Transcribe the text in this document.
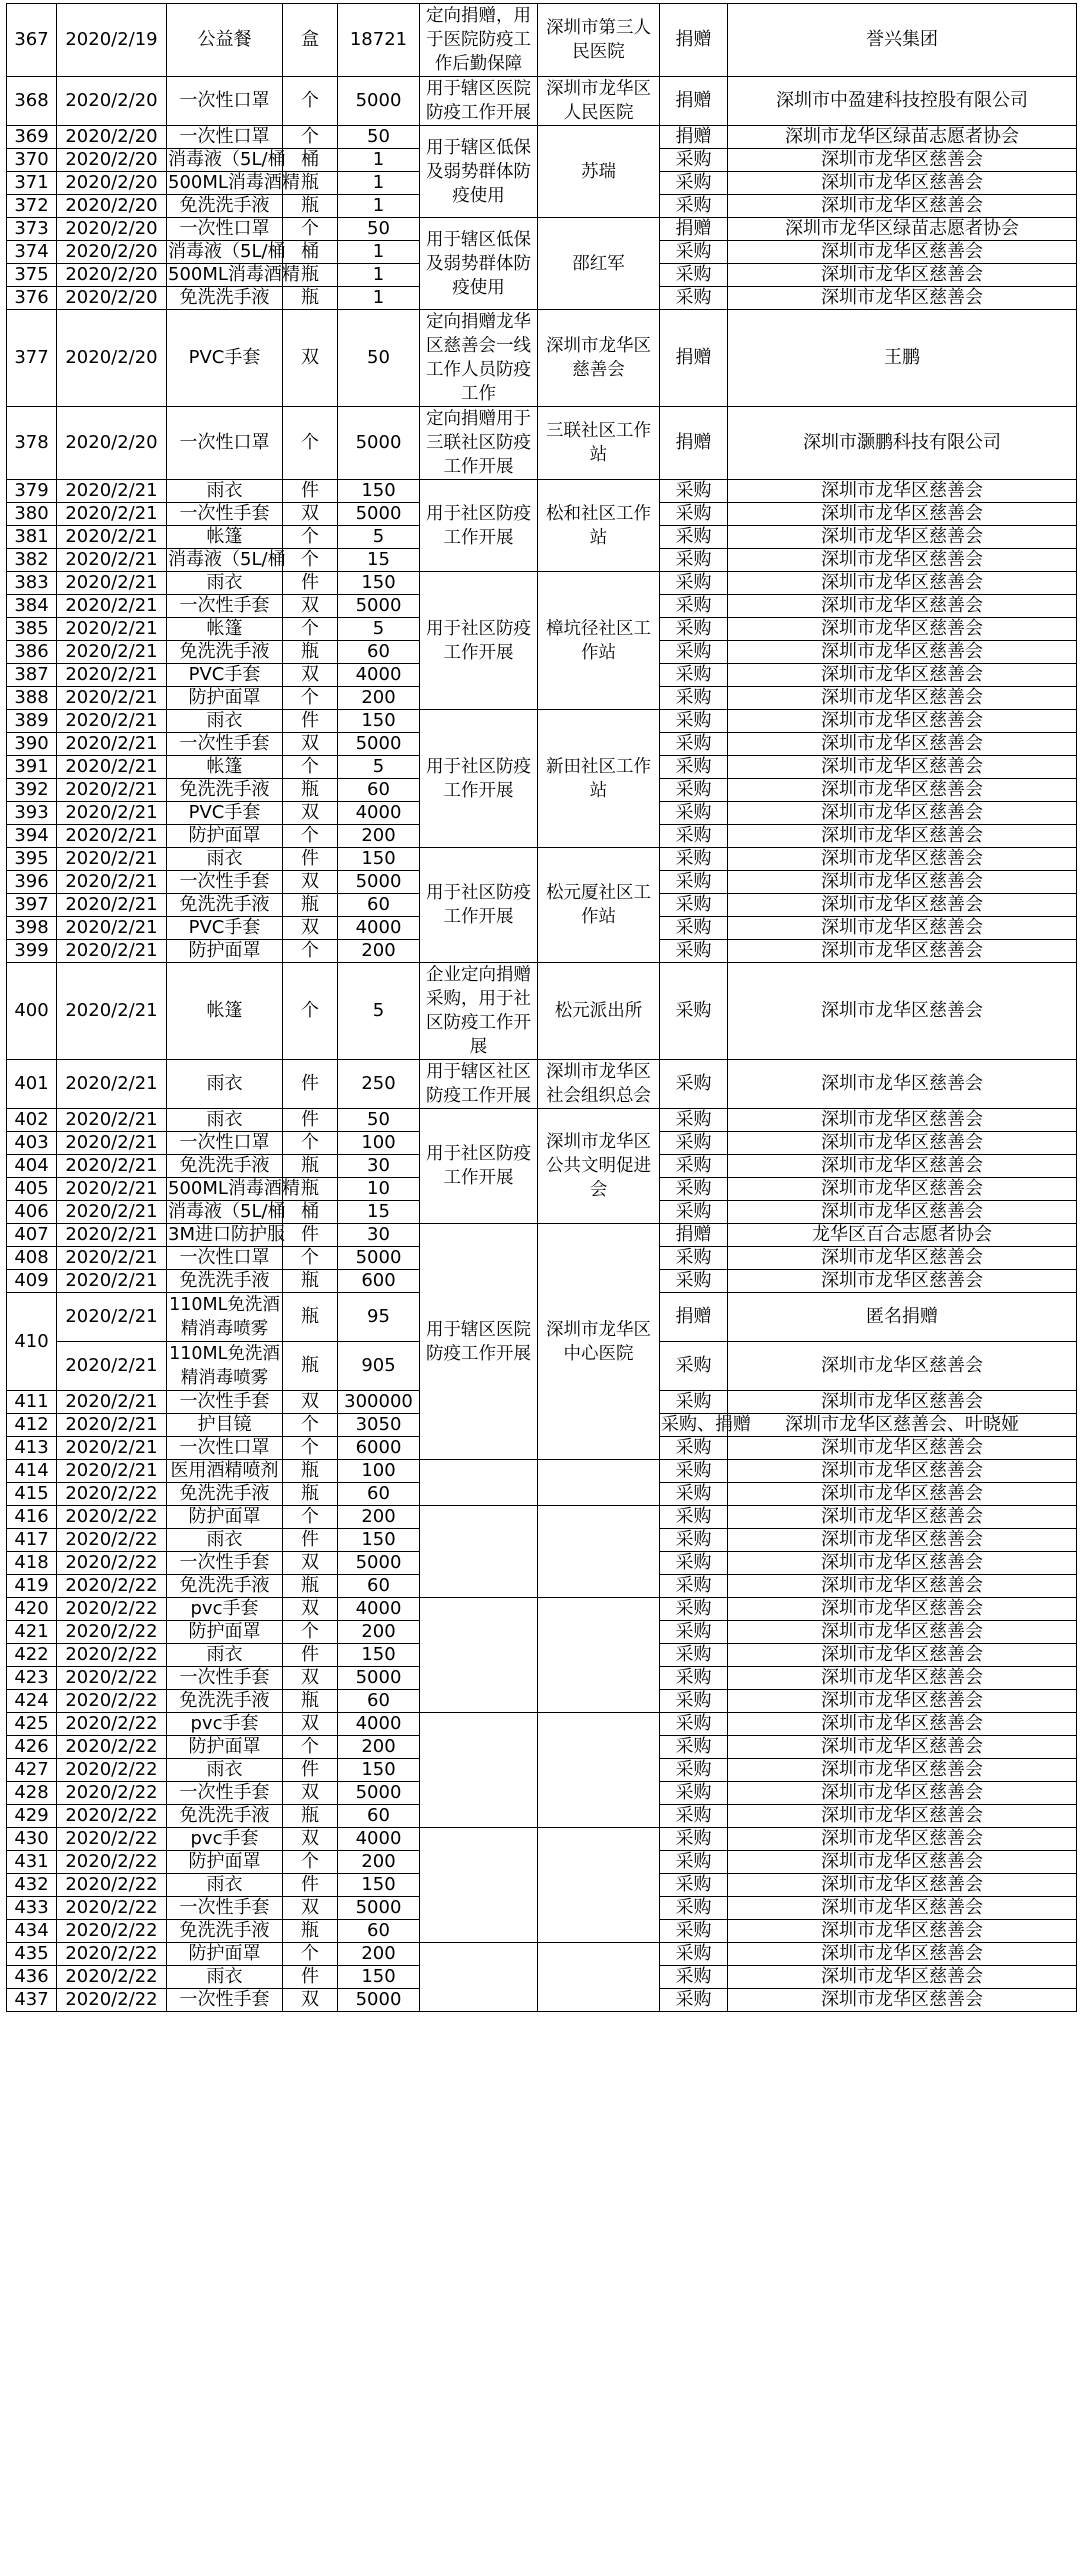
367	2020/2/19	公益餐	盒	18721	定向捐赠，用于医院防疫工作后勤保障	深圳市第三人民医院	捐赠	誉兴集团
368	2020/2/20	一次性口罩	个	5000	用于辖区医院防疫工作开展	深圳市龙华区人民医院	捐赠	深圳市中盈建科技控股有限公司
369	2020/2/20	一次性口罩	个	50	用于辖区低保及弱势群体防疫使用	苏瑞	捐赠	深圳市龙华区绿苗志愿者协会
370	2020/2/20	消毒液（5L/桶	桶	1			采购	深圳市龙华区慈善会
371	2020/2/20	500ML消毒酒精	瓶	1			采购	深圳市龙华区慈善会
372	2020/2/20	免洗洗手液	瓶	1			采购	深圳市龙华区慈善会
373	2020/2/20	一次性口罩	个	50	用于辖区低保及弱势群体防疫使用	邵红军	捐赠	深圳市龙华区绿苗志愿者协会
374	2020/2/20	消毒液（5L/桶	桶	1			采购	深圳市龙华区慈善会
375	2020/2/20	500ML消毒酒精	瓶	1			采购	深圳市龙华区慈善会
376	2020/2/20	免洗洗手液	瓶	1			采购	深圳市龙华区慈善会
377	2020/2/20	PVC手套	双	50	定向捐赠龙华区慈善会一线工作人员防疫工作	深圳市龙华区慈善会	捐赠	王鹏
378	2020/2/20	一次性口罩	个	5000	定向捐赠用于三联社区防疫工作开展	三联社区工作站	捐赠	深圳市灏鹏科技有限公司
379	2020/2/21	雨衣	件	150	用于社区防疫工作开展	松和社区工作站	采购	深圳市龙华区慈善会
380	2020/2/21	一次性手套	双	5000			采购	深圳市龙华区慈善会
381	2020/2/21	帐篷	个	5			采购	深圳市龙华区慈善会
382	2020/2/21	消毒液（5L/桶	个	15			采购	深圳市龙华区慈善会
383	2020/2/21	雨衣	件	150	用于社区防疫工作开展	樟坑径社区工作站	采购	深圳市龙华区慈善会
384	2020/2/21	一次性手套	双	5000			采购	深圳市龙华区慈善会
385	2020/2/21	帐篷	个	5			采购	深圳市龙华区慈善会
386	2020/2/21	免洗洗手液	瓶	60			采购	深圳市龙华区慈善会
387	2020/2/21	PVC手套	双	4000			采购	深圳市龙华区慈善会
388	2020/2/21	防护面罩	个	200			采购	深圳市龙华区慈善会
389	2020/2/21	雨衣	件	150	用于社区防疫工作开展	新田社区工作站	采购	深圳市龙华区慈善会
390	2020/2/21	一次性手套	双	5000			采购	深圳市龙华区慈善会
391	2020/2/21	帐篷	个	5			采购	深圳市龙华区慈善会
392	2020/2/21	免洗洗手液	瓶	60			采购	深圳市龙华区慈善会
393	2020/2/21	PVC手套	双	4000			采购	深圳市龙华区慈善会
394	2020/2/21	防护面罩	个	200			采购	深圳市龙华区慈善会
395	2020/2/21	雨衣	件	150	用于社区防疫工作开展	松元厦社区工作站	采购	深圳市龙华区慈善会
396	2020/2/21	一次性手套	双	5000			采购	深圳市龙华区慈善会
397	2020/2/21	免洗洗手液	瓶	60			采购	深圳市龙华区慈善会
398	2020/2/21	PVC手套	双	4000			采购	深圳市龙华区慈善会
399	2020/2/21	防护面罩	个	200			采购	深圳市龙华区慈善会
400	2020/2/21	帐篷	个	5	企业定向捐赠采购，用于社区防疫工作开展	松元派出所	采购	深圳市龙华区慈善会
401	2020/2/21	雨衣	件	250	用于辖区社区防疫工作开展	深圳市龙华区社会组织总会	采购	深圳市龙华区慈善会
402	2020/2/21	雨衣	件	50	用于社区防疫工作开展	深圳市龙华区公共文明促进会	采购	深圳市龙华区慈善会
403	2020/2/21	一次性口罩	个	100			采购	深圳市龙华区慈善会
404	2020/2/21	免洗洗手液	瓶	30			采购	深圳市龙华区慈善会
405	2020/2/21	500ML消毒酒精	瓶	10			采购	深圳市龙华区慈善会
406	2020/2/21	消毒液（5L/桶	桶	15			采购	深圳市龙华区慈善会
407	2020/2/21	3M进口防护服	件	30	用于辖区医院防疫工作开展	深圳市龙华区中心医院	捐赠	龙华区百合志愿者协会
408	2020/2/21	一次性口罩	个	5000			采购	深圳市龙华区慈善会
409	2020/2/21	免洗洗手液	瓶	600			采购	深圳市龙华区慈善会
410	2020/2/21	110ML免洗酒精消毒喷雾	瓶	95			捐赠	匿名捐赠
	2020/2/21	110ML免洗酒精消毒喷雾	瓶	905			采购	深圳市龙华区慈善会
411	2020/2/21	一次性手套	双	300000			采购	深圳市龙华区慈善会
412	2020/2/21	护目镜	个	3050			采购、捐赠	深圳市龙华区慈善会、叶晓娅
413	2020/2/21	一次性口罩	个	6000			采购	深圳市龙华区慈善会
414	2020/2/21	医用酒精喷剂	瓶	100			采购	深圳市龙华区慈善会
415	2020/2/22	免洗洗手液	瓶	60			采购	深圳市龙华区慈善会
416	2020/2/22	防护面罩	个	200			采购	深圳市龙华区慈善会
417	2020/2/22	雨衣	件	150			采购	深圳市龙华区慈善会
418	2020/2/22	一次性手套	双	5000			采购	深圳市龙华区慈善会
419	2020/2/22	免洗洗手液	瓶	60			采购	深圳市龙华区慈善会
420	2020/2/22	pvc手套	双	4000			采购	深圳市龙华区慈善会
421	2020/2/22	防护面罩	个	200			采购	深圳市龙华区慈善会
422	2020/2/22	雨衣	件	150			采购	深圳市龙华区慈善会
423	2020/2/22	一次性手套	双	5000			采购	深圳市龙华区慈善会
424	2020/2/22	免洗洗手液	瓶	60			采购	深圳市龙华区慈善会
425	2020/2/22	pvc手套	双	4000			采购	深圳市龙华区慈善会
426	2020/2/22	防护面罩	个	200			采购	深圳市龙华区慈善会
427	2020/2/22	雨衣	件	150			采购	深圳市龙华区慈善会
428	2020/2/22	一次性手套	双	5000			采购	深圳市龙华区慈善会
429	2020/2/22	免洗洗手液	瓶	60			采购	深圳市龙华区慈善会
430	2020/2/22	pvc手套	双	4000			采购	深圳市龙华区慈善会
431	2020/2/22	防护面罩	个	200			采购	深圳市龙华区慈善会
432	2020/2/22	雨衣	件	150			采购	深圳市龙华区慈善会
433	2020/2/22	一次性手套	双	5000			采购	深圳市龙华区慈善会
434	2020/2/22	免洗洗手液	瓶	60			采购	深圳市龙华区慈善会
435	2020/2/22	防护面罩	个	200			采购	深圳市龙华区慈善会
436	2020/2/22	雨衣	件	150			采购	深圳市龙华区慈善会
437	2020/2/22	一次性手套	双	5000			采购	深圳市龙华区慈善会
